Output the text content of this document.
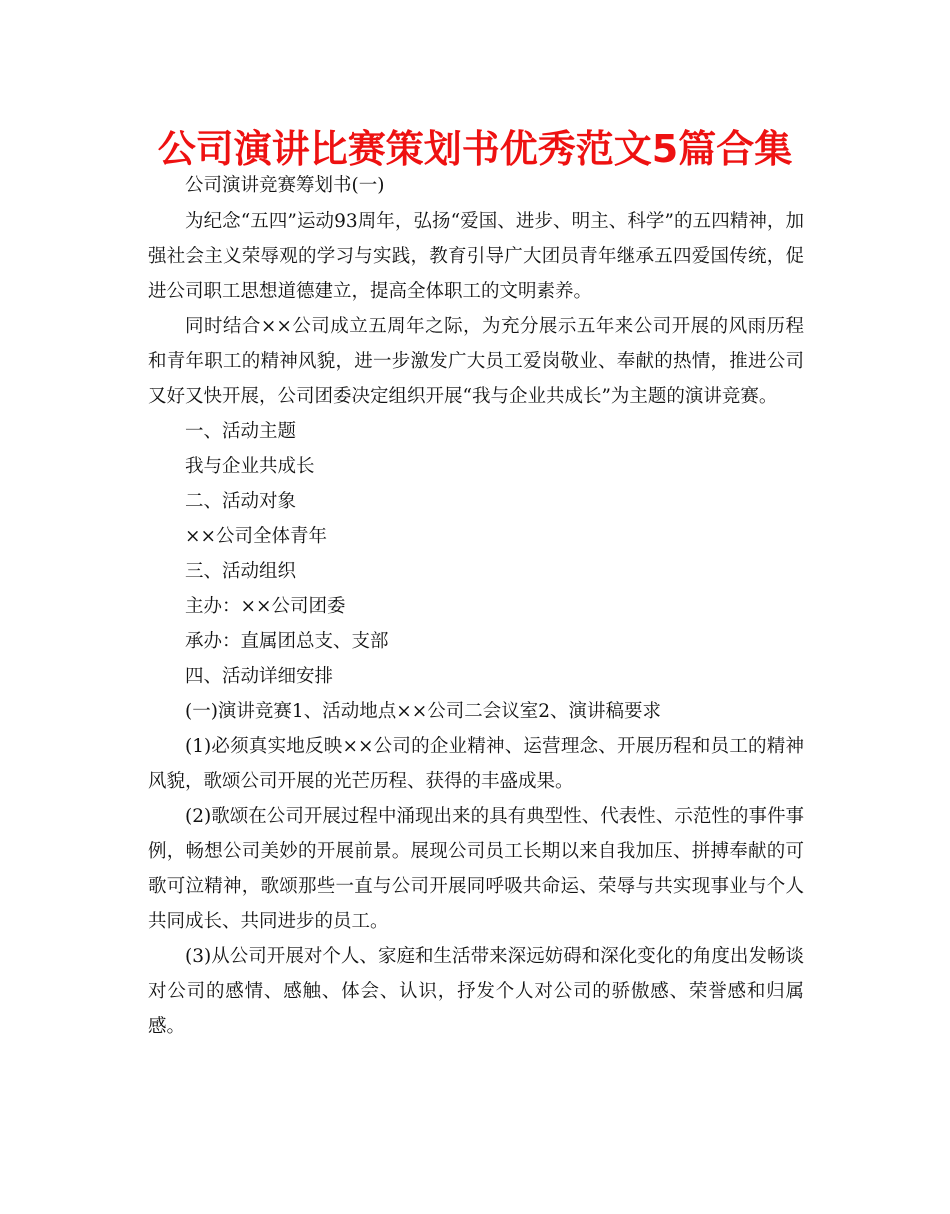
公司演讲比赛策划书优秀范文5篇合集

公司演讲竞赛筹划书(一)

为纪念“五四”运动93周年，弘扬“爱国、进步、明主、科学”的五四精神，加强社会主义荣辱观的学习与实践，教育引导广大团员青年继承五四爱国传统，促进公司职工思想道德建立，提高全体职工的文明素养。

同时结合××公司成立五周年之际，为充分展示五年来公司开展的风雨历程和青年职工的精神风貌，进一步激发广大员工爱岗敬业、奉献的热情，推进公司又好又快开展，公司团委决定组织开展“我与企业共成长”为主题的演讲竞赛。

一、活动主题

我与企业共成长

二、活动对象

××公司全体青年

三、活动组织

主办：××公司团委

承办：直属团总支、支部

四、活动详细安排

(一)演讲竞赛1、活动地点××公司二会议室2、演讲稿要求

(1)必须真实地反映××公司的企业精神、运营理念、开展历程和员工的精神风貌，歌颂公司开展的光芒历程、获得的丰盛成果。

(2)歌颂在公司开展过程中涌现出来的具有典型性、代表性、示范性的事件事例，畅想公司美妙的开展前景。展现公司员工长期以来自我加压、拼搏奉献的可歌可泣精神，歌颂那些一直与公司开展同呼吸共命运、荣辱与共实现事业与个人共同成长、共同进步的员工。

(3)从公司开展对个人、家庭和生活带来深远妨碍和深化变化的角度出发畅谈对公司的感情、感触、体会、认识，抒发个人对公司的骄傲感、荣誉感和归属感。
